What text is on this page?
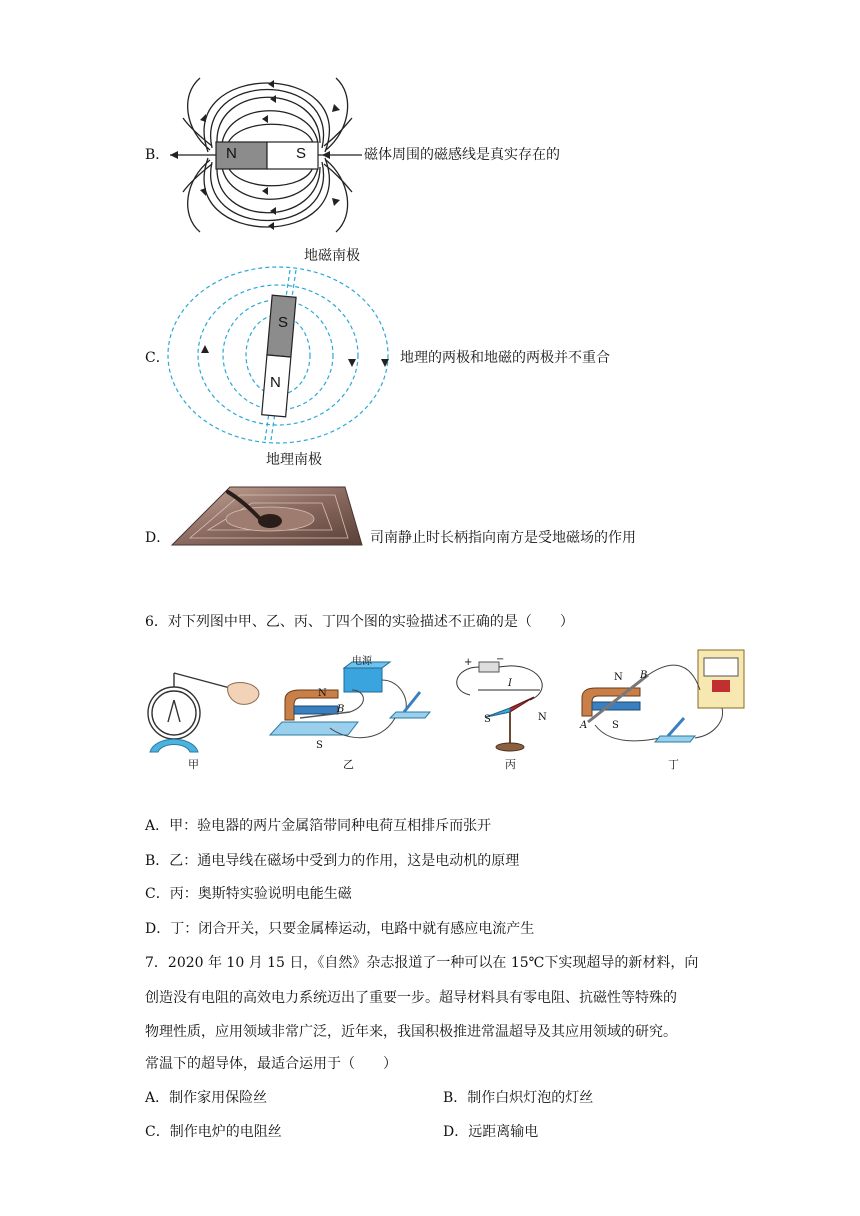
B．	N	S	磁体周围的磁感线是真实存在的
C．
地磁南极
S
N
地理的两极和地磁的两极并不重合
地理南极
D．	司南静止时长柄指向南方是受地磁场的作用
6．对下列图中甲、乙、丙、丁四个图的实验描述不正确的是（　　）
电源
N
B
S
+ −
I
S	N
N B
A S
甲	乙	丙	丁
A．甲：验电器的两片金属箔带同种电荷互相排斥而张开
B．乙：通电导线在磁场中受到力的作用，这是电动机的原理
C．丙：奥斯特实验说明电能生磁
D．丁：闭合开关，只要金属棒运动，电路中就有感应电流产生
7．2020 年 10 月 15 日，《自然》杂志报道了一种可以在 15℃下实现超导的新材料，向
创造没有电阻的高效电力系统迈出了重要一步。超导材料具有零电阻、抗磁性等特殊的
物理性质，应用领域非常广泛，近年来，我国积极推进常温超导及其应用领域的研究。
常温下的超导体，最适合运用于（　　）
A．制作家用保险丝	B．制作白炽灯泡的灯丝
C．制作电炉的电阻丝	D．远距离输电
